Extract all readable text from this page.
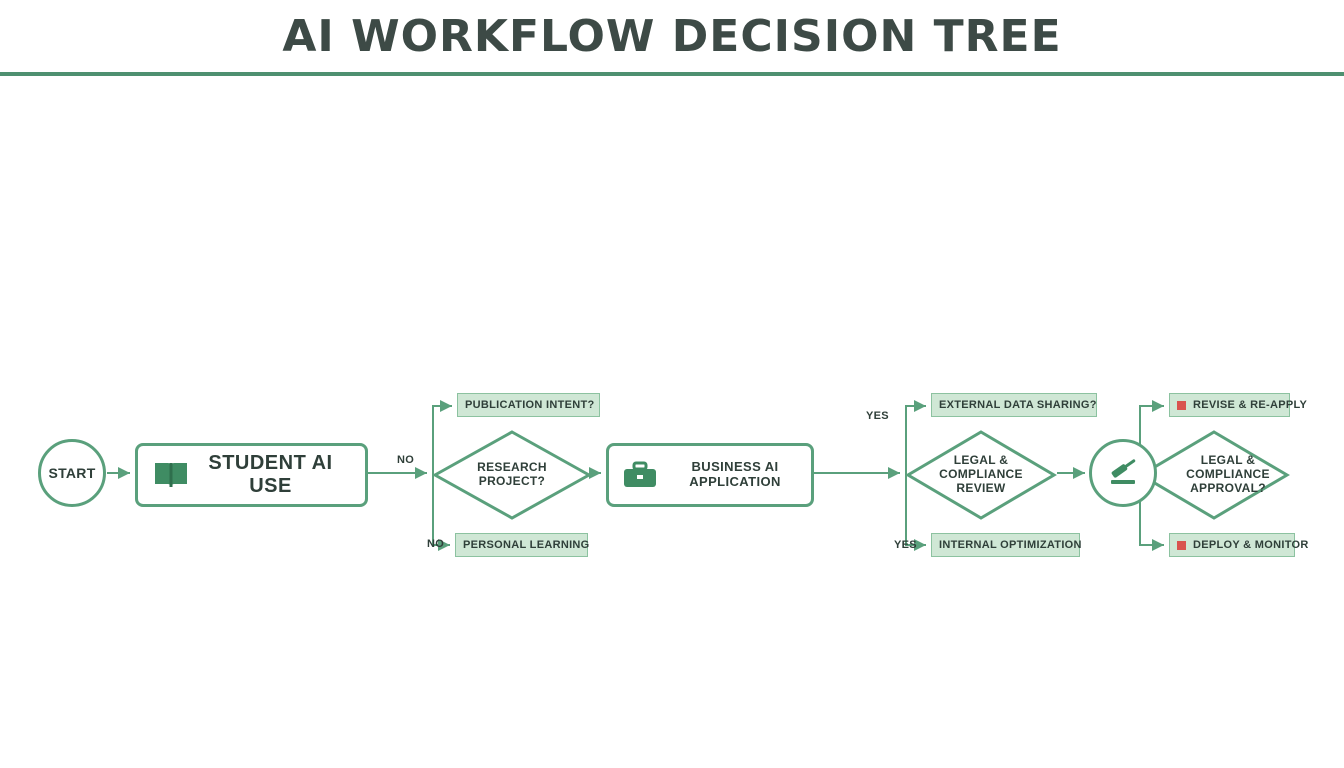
AI WORKFLOW DECISION TREE
START	STUDENT AI USE
RESEARCH
PROJECT?
BUSINESS AI
APPLICATION
LEGAL &
COMPLIANCE
REVIEW
LEGAL &
COMPLIANCE
APPROVAL?
PUBLICATION INTENT?
PERSONAL LEARNING
EXTERNAL DATA SHARING?
INTERNAL OPTIMIZATION
REVISE & RE-APPLY
DEPLOY & MONITOR
NO
NO
YES
YES
